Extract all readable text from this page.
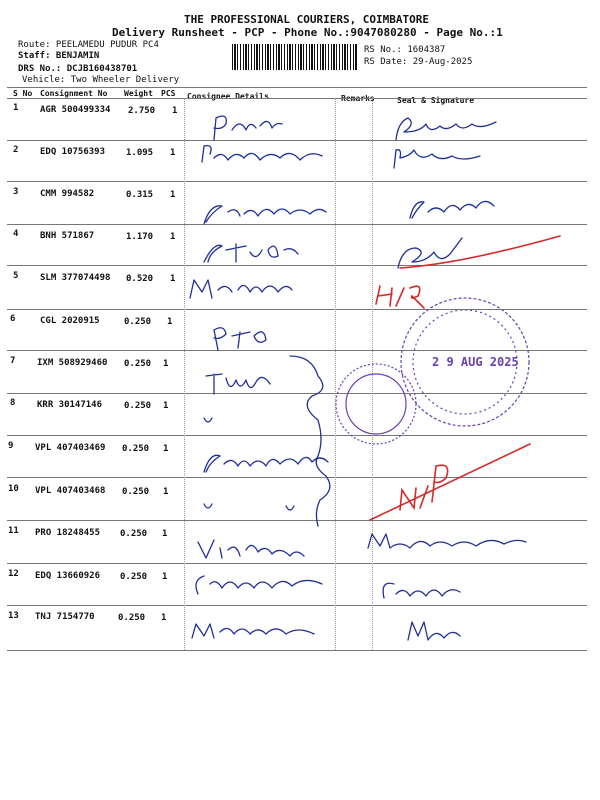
THE PROFESSIONAL COURIERS, COIMBATORE
Delivery Runsheet - PCP - Phone No.:9047080280 - Page No.:1
Route: PEELAMEDU PUDUR PC4
Staff: BENJAMIN
DRS No.: DCJB160438701
Vehicle: Two Wheeler Delivery
RS No.: 1604387
RS Date: 29-Aug-2025
S No Consignment No Weight PCS Consignee Details	Remarks	Seal & Signature
1 AGR 500499334 2.750 1
2 EDQ 10756393 1.095 1
3 CMM 994582	0.315 1
4 BNH 571867	1.170 1
5 SLM 377074498 0.520 1
6	CGL 2020915	0.250 1
7 IXM 508929460 0.250 1
8 KRR 30147146 0.250 1
9 VPL 407403469 0.250 1
10 VPL 407403468 0.250 1
11 PRO 18248455 0.250 1
12 EDQ 13660926 0.250 1
13 TNJ 7154770	0.250 1
2 9 AUG 2025
